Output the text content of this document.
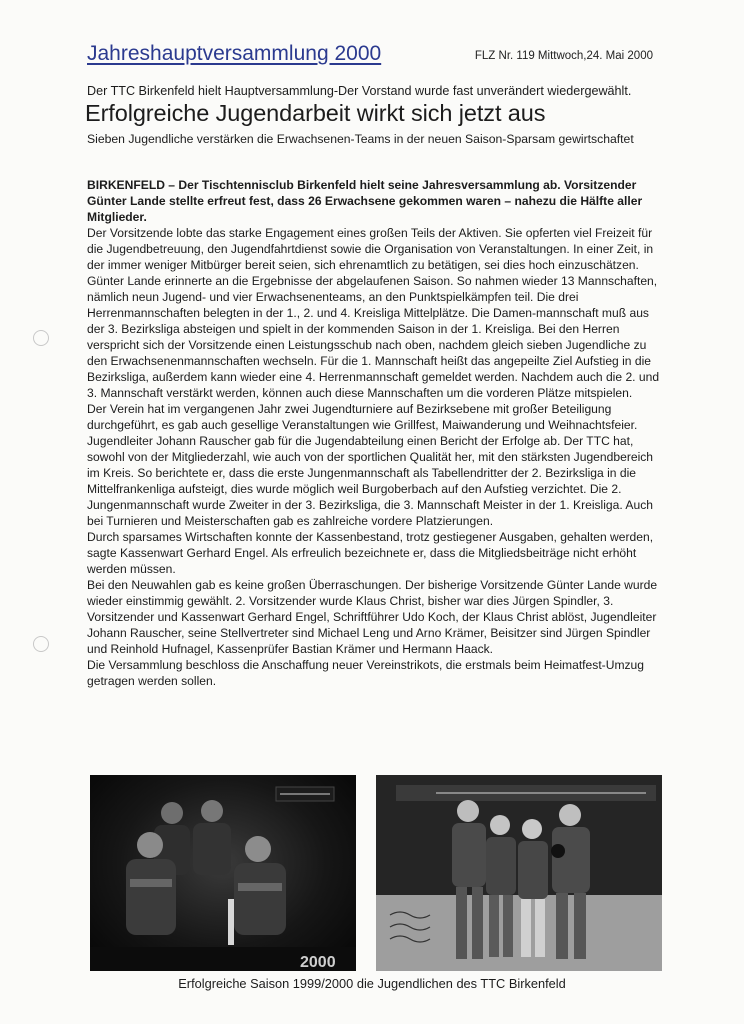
Jahreshauptversammlung 2000	FLZ Nr. 119 Mittwoch,24. Mai 2000
Der TTC Birkenfeld hielt Hauptversammlung-Der Vorstand wurde fast unverändert wiedergewählt.
Erfolgreiche Jugendarbeit wirkt sich jetzt aus
Sieben Jugendliche verstärken die Erwachsenen-Teams in der neuen Saison-Sparsam gewirtschaftet

BIRKENFELD – Der Tischtennisclub Birkenfeld hielt seine Jahresversammlung ab. Vorsitzender Günter Lande stellte erfreut fest, dass 26 Erwachsene gekommen waren – nahezu die Hälfte aller Mitglieder.

Der Vorsitzende lobte das starke Engagement eines großen Teils der Aktiven. Sie opferten viel Freizeit für die Jugendbetreuung, den Jugendfahrtdienst sowie die Organisation von Veranstaltungen. In einer Zeit, in der immer weniger Mitbürger bereit seien, sich ehrenamtlich zu betätigen, sei dies hoch einzuschätzen.

Günter Lande erinnerte an die Ergebnisse der abgelaufenen Saison. So nahmen wieder 13 Mannschaften, nämlich neun Jugend- und vier Erwachsenenteams, an den Punktspielkämpfen teil. Die drei Herrenmannschaften belegten in der 1., 2. und 4. Kreisliga Mittelplätze. Die Damen-mannschaft muß aus der 3. Bezirksliga absteigen und spielt in der kommenden Saison in der 1. Kreisliga. Bei den Herren verspricht sich der Vorsitzende einen Leistungsschub nach oben, nachdem gleich sieben Jugendliche zu den Erwachsenenmannschaften wechseln. Für die 1. Mannschaft heißt das angepeilte Ziel Aufstieg in die Bezirksliga, außerdem kann wieder eine 4. Herrenmannschaft gemeldet werden. Nachdem auch die 2. und 3. Mannschaft verstärkt werden, können auch diese Mannschaften um die vorderen Plätze mitspielen.

Der Verein hat im vergangenen Jahr zwei Jugendturniere auf Bezirksebene mit großer Beteiligung durchgeführt, es gab auch gesellige Veranstaltungen wie Grillfest, Maiwanderung und Weihnachtsfeier.

Jugendleiter Johann Rauscher gab für die Jugendabteilung einen Bericht der Erfolge ab. Der TTC hat, sowohl von der Mitgliederzahl, wie auch von der sportlichen Qualität her, mit den stärksten Jugendbereich im Kreis. So berichtete er, dass die erste Jungenmannschaft als Tabellendritter der 2. Bezirksliga in die Mittelfrankenliga aufsteigt, dies wurde möglich weil Burgoberbach auf den Aufstieg verzichtet. Die 2. Jungenmannschaft wurde Zweiter in der 3. Bezirksliga, die 3. Mannschaft Meister in der 1. Kreisliga. Auch bei Turnieren und Meisterschaften gab es zahlreiche vordere Platzierungen.

Durch sparsames Wirtschaften konnte der Kassenbestand, trotz gestiegener Ausgaben, gehalten werden, sagte Kassenwart Gerhard Engel. Als erfreulich bezeichnete er, dass die Mitgliedsbeiträge nicht erhöht werden müssen.

Bei den Neuwahlen gab es keine großen Überraschungen. Der bisherige Vorsitzende Günter Lande wurde wieder einstimmig gewählt. 2. Vorsitzender wurde Klaus Christ, bisher war dies Jürgen Spindler, 3. Vorsitzender und Kassenwart Gerhard Engel, Schriftführer Udo Koch, der Klaus Christ ablöst, Jugendleiter Johann Rauscher, seine Stellvertreter sind Michael Leng und Arno Krämer, Beisitzer sind Jürgen Spindler und Reinhold Hufnagel, Kassenprüfer Bastian Krämer und Hermann Haack.

Die Versammlung beschloss die Anschaffung neuer Vereinstrikots, die erstmals beim Heimatfest-Umzug getragen werden sollen.

2000
Erfolgreiche Saison 1999/2000 die Jugendlichen des TTC Birkenfeld
